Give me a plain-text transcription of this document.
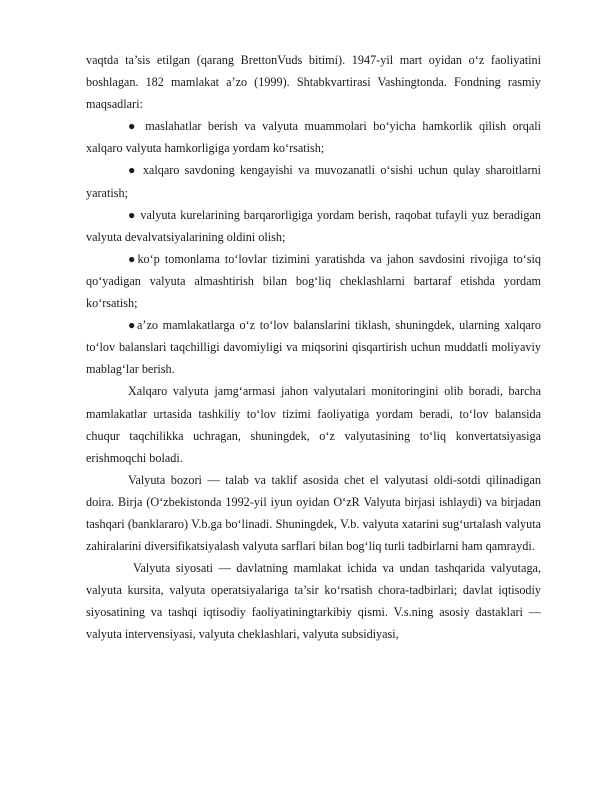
vaqtda ta’sis etilgan (qarang BrettonVuds bitimi). 1947-yil mart oyidan o‘z faoliyatini boshlagan. 182 mamlakat a’zo (1999). Shtabkvartirasi Vashingtonda. Fondning rasmiy maqsadlari:

● maslahatlar berish va valyuta muammolari bo‘yicha hamkorlik qilish orqali xalqaro valyuta hamkorligiga yordam ko‘rsatish;

● xalqaro savdoning kengayishi va muvozanatli o‘sishi uchun qulay sharoitlarni yaratish;

● valyuta kurelarining barqarorligiga yordam berish, raqobat tufayli yuz beradigan valyuta devalvatsiyalarining oldini olish;

●ko‘p tomonlama to‘lovlar tizimini yaratishda va jahon savdosini rivojiga to‘siq qo‘yadigan valyuta almashtirish bilan bog‘liq cheklashlarni bartaraf etishda yordam ko‘rsatish;

●a’zo mamlakatlarga o‘z to‘lov balanslarini tiklash, shuningdek, ularning xalqaro to‘lov balanslari taqchilligi davomiyligi va miqsorini qisqartirish uchun muddatli moliyaviy mablag‘lar berish.

Xalqaro valyuta jamg‘armasi jahon valyutalari monitoringini olib boradi, barcha mamlakatlar urtasida tashkiliy to‘lov tizimi faoliyatiga yordam beradi, to‘lov balansida chuqur taqchilikka uchragan, shuningdek, o‘z valyutasining to‘liq konvertatsiyasiga erishmoqchi boladi.

Valyuta bozori — talab va taklif asosida chet el valyutasi oldi-sotdi qilinadigan doira. Birja (O‘zbekistonda 1992-yil iyun oyidan O‘zR Valyuta birjasi ishlaydi) va birjadan tashqari (banklararo) V.b.ga bo‘linadi. Shuningdek, V.b. valyuta xatarini sug‘urtalash valyuta zahiralarini diversifikatsiyalash valyuta sarflari bilan bog‘liq turli tadbirlarni ham qamraydi.

Valyuta siyosati — davlatning mamlakat ichida va undan tashqarida valyutaga, valyuta kursita, valyuta operatsiyalariga ta’sir ko‘rsatish chora-tadbirlari; davlat iqtisodiy siyosatining va tashqi iqtisodiy faoliyatiningtarkibiy qismi. V.s.ning asosiy dastaklari — valyuta intervensiyasi, valyuta cheklashlari, valyuta subsidiyasi,
